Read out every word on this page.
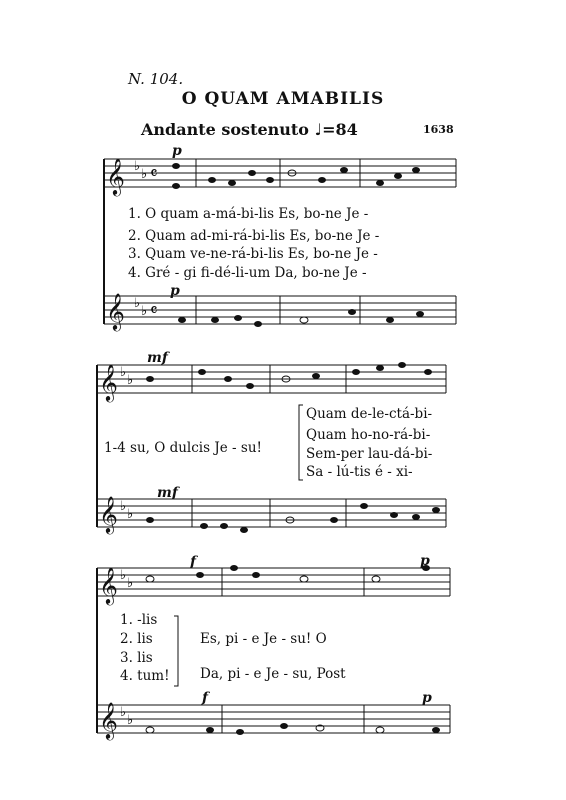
N. 104.
O QUAM AMABILIS
Andante sostenuto ♩=84	1638
𝄞
𝄞
𝄞
𝄞
𝄞
𝄞
♭
♭
♭
♭
♭
♭
♭
♭
♭
♭
♭
♭
𝄴
𝄴
p
p
mf
mf
f	p
f	p
1. O quam a-má-bi-lis Es, bo-ne Je -
2. Quam ad-mi-rá-bi-lis Es, bo-ne Je -
3. Quam ve-ne-rá-bi-lis Es, bo-ne Je -
4. Gré - gi fi-dé-li-um Da, bo-ne Je -
1-4 su, O dulcis Je - su!
Quam de-le-ctá-bi-
Quam ho-no-rá-bi-
Sem-per lau-dá-bi-
Sa - lú-tis é - xi-
1. -lis
2. lis
3. lis
4. tum!
Es, pi - e Je - su! O
Da, pi - e Je - su, Post
